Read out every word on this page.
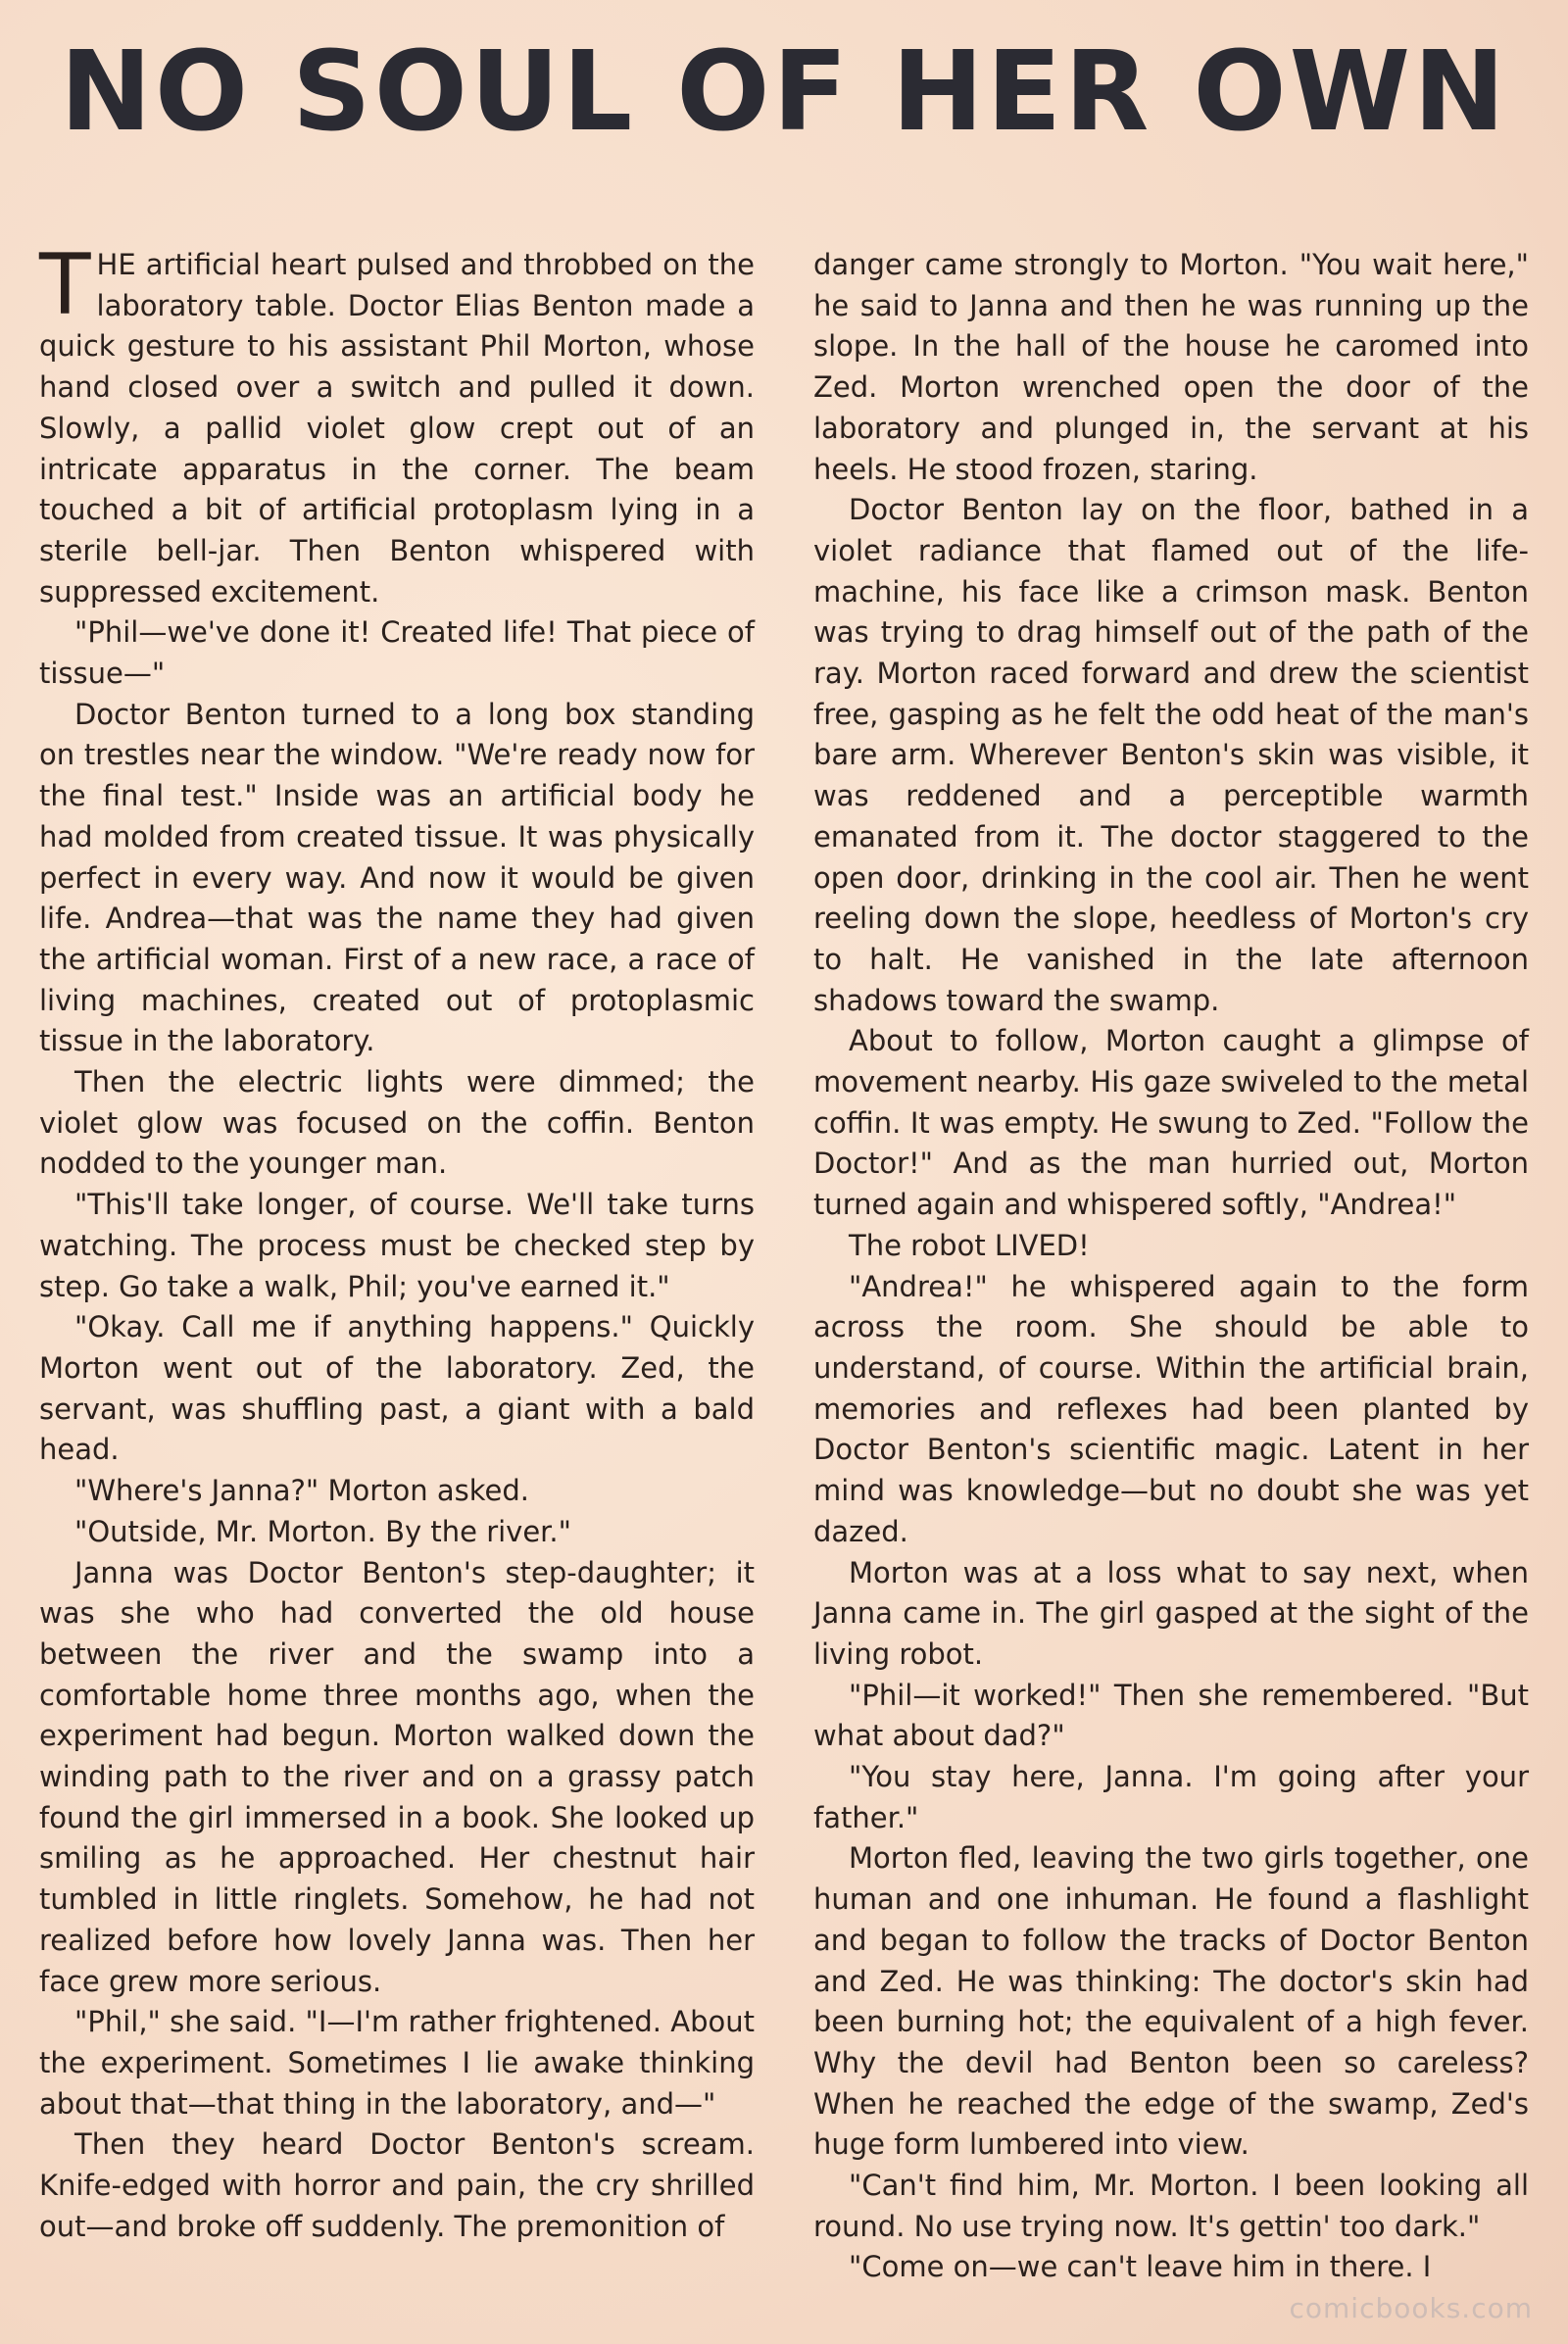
NO SOUL OF HER OWN

THE artificial heart pulsed and throbbed on the laboratory table. Doctor Elias Benton made a quick gesture to his assistant Phil Morton, whose hand closed over a switch and pulled it down. Slowly, a pallid violet glow crept out of an intricate apparatus in the corner. The beam touched a bit of artificial protoplasm lying in a sterile bell-jar. Then Benton whispered with suppressed excitement.

"Phil—we've done it! Created life! That piece of tissue—"

Doctor Benton turned to a long box standing on trestles near the window. "We're ready now for the final test." Inside was an artificial body he had molded from created tissue. It was physically perfect in every way. And now it would be given life. Andrea—that was the name they had given the artificial woman. First of a new race, a race of living machines, created out of protoplasmic tissue in the laboratory.

Then the electric lights were dimmed; the violet glow was focused on the coffin. Benton nodded to the younger man.

"This'll take longer, of course. We'll take turns watching. The process must be checked step by step. Go take a walk, Phil; you've earned it."

"Okay. Call me if anything happens." Quickly Morton went out of the laboratory. Zed, the servant, was shuffling past, a giant with a bald head.

"Where's Janna?" Morton asked.

"Outside, Mr. Morton. By the river."

Janna was Doctor Benton's step-daughter; it was she who had converted the old house between the river and the swamp into a comfortable home three months ago, when the experiment had begun. Morton walked down the winding path to the river and on a grassy patch found the girl immersed in a book. She looked up smiling as he approached. Her chestnut hair tumbled in little ringlets. Somehow, he had not realized before how lovely Janna was. Then her face grew more serious.

"Phil," she said. "I—I'm rather frightened. About the experiment. Sometimes I lie awake thinking about that—that thing in the laboratory, and—"

Then they heard Doctor Benton's scream. Knife-edged with horror and pain, the cry shrilled out—and broke off suddenly. The premonition of

danger came strongly to Morton. "You wait here," he said to Janna and then he was running up the slope. In the hall of the house he caromed into Zed. Morton wrenched open the door of the laboratory and plunged in, the servant at his heels. He stood frozen, staring.

Doctor Benton lay on the floor, bathed in a violet radiance that flamed out of the life-machine, his face like a crimson mask. Benton was trying to drag himself out of the path of the ray. Morton raced forward and drew the scientist free, gasping as he felt the odd heat of the man's bare arm. Wherever Benton's skin was visible, it was reddened and a perceptible warmth emanated from it. The doctor staggered to the open door, drinking in the cool air. Then he went reeling down the slope, heedless of Morton's cry to halt. He vanished in the late afternoon shadows toward the swamp.

About to follow, Morton caught a glimpse of movement nearby. His gaze swiveled to the metal coffin. It was empty. He swung to Zed. "Follow the Doctor!" And as the man hurried out, Morton turned again and whispered softly, "Andrea!"

The robot LIVED!

"Andrea!" he whispered again to the form across the room. She should be able to understand, of course. Within the artificial brain, memories and reflexes had been planted by Doctor Benton's scientific magic. Latent in her mind was knowledge—but no doubt she was yet dazed.

Morton was at a loss what to say next, when Janna came in. The girl gasped at the sight of the living robot.

"Phil—it worked!" Then she remembered. "But what about dad?"

"You stay here, Janna. I'm going after your father."

Morton fled, leaving the two girls together, one human and one inhuman. He found a flashlight and began to follow the tracks of Doctor Benton and Zed. He was thinking: The doctor's skin had been burning hot; the equivalent of a high fever. Why the devil had Benton been so careless? When he reached the edge of the swamp, Zed's huge form lumbered into view.

"Can't find him, Mr. Morton. I been looking all round. No use trying now. It's gettin' too dark."

"Come on—we can't leave him in there. I

comicbooks.com
